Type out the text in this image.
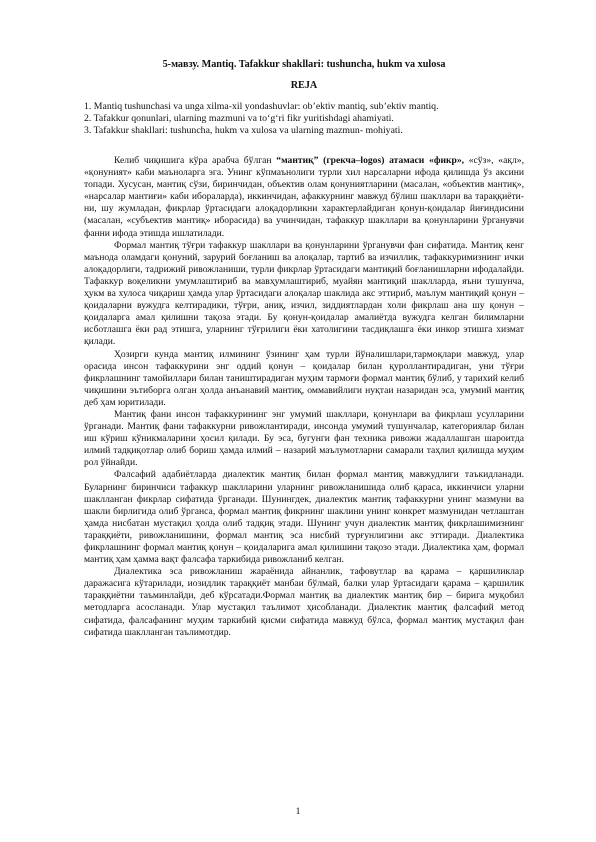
5-мавзу. Mantiq. Tafakkur shakllari: tushuncha, hukm va xulosa
REJA
1. Mantiq tushunchasi va unga xilma-xil yondashuvlar: ob’ektiv mantiq, sub’ektiv mantiq.
2. Tafakkur qonunlari, ularning mazmuni va to‘g‘ri fikr yuritishdagi ahamiyati.
3. Tafakkur shakllari: tushuncha, hukm va xulosa va ularning mazmun- mohiyati.

Келиб чиқишига кўра арабча бўлган “мантиқ” (грекча–logos) атамаси «фикр», «сўз», «ақл», «қонуният» каби маъноларга эга. Унинг кўпмаънолиги турли хил нарсаларни ифода қилишда ўз аксини топади. Хусусан, мантиқ сўзи, биринчидан, объектив олам қонуниятларини (масалан, «объектив мантиқ», «нарсалар мантиғи» каби ибораларда), иккинчидан, афаккурнинг мавжуд бўлиш шакллари ва тараққиётини, шу жумладан, фикрлар ўртасидаги алоқадорликни характерлайдиган қонун-қоидалар йиғиндисини (масалан, «субъектив мантиқ» иборасида) ва учинчидан, тафаккур шакллари ва қонунларини ўрганувчи фанни ифода этишда ишлатилади.

Формал мантиқ тўғри тафаккур шакллари ва қонунларини ўрганувчи фан сифатида. Мантиқ кенг маънода оламдаги қонуний, зарурий боғланиш ва алоқалар, тартиб ва изчиллик, тафаккуримизнинг ички алоқадорлиги, тадрижий ривожланиши, турли фикрлар ўртасидаги мантиқий боғланишларни ифодалайди. Тафаккур воқеликни умумлаштириб ва мавҳумлаштириб, муайян мантиқий шаклларда, яъни тушунча, ҳукм ва хулоса чиқариш ҳамда улар ўртасидаги алоқалар шаклида акс эттириб, маълум мантиқий қонун – қоидаларни вужудга келтирадики, тўғри, аниқ, изчил, зиддиятлардан холи фикрлаш ана шу қонун – қоидаларга амал қилишни тақоза этади. Бу қонун-қоидалар амалиётда вужудга келган билимларни исботлашга ёки рад этишга, уларнинг тўғрилиги ёки хатолигини тасдиқлашга ёки инкор этишга хизмат қилади.

Ҳозирги кунда мантиқ илмининг ўзининг ҳам турли йўналишлари,тармоқлари мавжуд, улар орасида инсон тафаккурини энг оддий қонун – қоидалар билан қуроллантирадиган, уни тўғри фикрлашнинг тамойиллари билан таништирадиган муҳим тармоғи формал мантиқ бўлиб, у тарихий келиб чиқишини эътиборга олган ҳолда анъанавий мантиқ, оммавийлиги нуқтаи назаридан эса, умумий мантиқ деб ҳам юритилади.

Мантиқ фани инсон тафаккурининг энг умумий шакллари, қонунлари ва фикрлаш усулларини ўрганади. Мантиқ фани тафаккурни ривожлантиради, инсонда умумий тушунчалар, категориялар билан иш кўриш кўникмаларини ҳосил қилади. Бу эса, бугунги фан техника ривожи жадаллашган шароитда илмий тадқиқотлар олиб бориш ҳамда илмий – назарий маълумотларни самарали таҳлил қилишда муҳим рол ўйнайди.

Фалсафий адабиётларда диалектик мантиқ билан формал мантиқ мавжудлиги таъкидланади. Буларнинг биринчиси тафаккур шаклларини уларнинг ривожланишида олиб қараса, иккинчиси уларни шаклланган фикрлар сифатида ўрганади. Шунингдек, диалектик мантиқ тафаккурни унинг мазмуни ва шакли бирлигида олиб ўрганса, формал мантиқ фикрнинг шаклини унинг конкрет мазмунидан четлаштан ҳамда нисбатан мустақил ҳолда олиб тадқиқ этади. Шунинг учун диалектик мантиқ фикрлашимизнинг тараққиёти, ривожланишини, формал мантиқ эса нисбий турғунлигини акс эттиради. Диалектика фикрлашнинг формал мантиқ қонун – қоидаларига амал қилишини тақозо этади. Диалектика ҳам, формал мантиқ ҳам ҳамма вақт фалсафа таркибида ривожланиб келган.

Диалектика эса ривожланиш жараёнида айнанлик, тафовутлар ва қарама – қаршиликлар даражасига кўтарилади, иозидлик тараққиёт манбаи бўлмай, балки улар ўртасидаги қарама – қаршилик тараққиётни таъминлайди, деб кўрсатади.Формал мантиқ ва диалектик мантиқ бир – бирига муқобил методларга асосланади. Улар мустақил таълимот ҳисобланади. Диалектик мантиқ фалсафий метод сифатида, фалсафанинг муҳим таркибий қисми сифатида мавжуд бўлса, формал мантиқ мустақил фан сифатида шаклланган таълимотдир.

1
